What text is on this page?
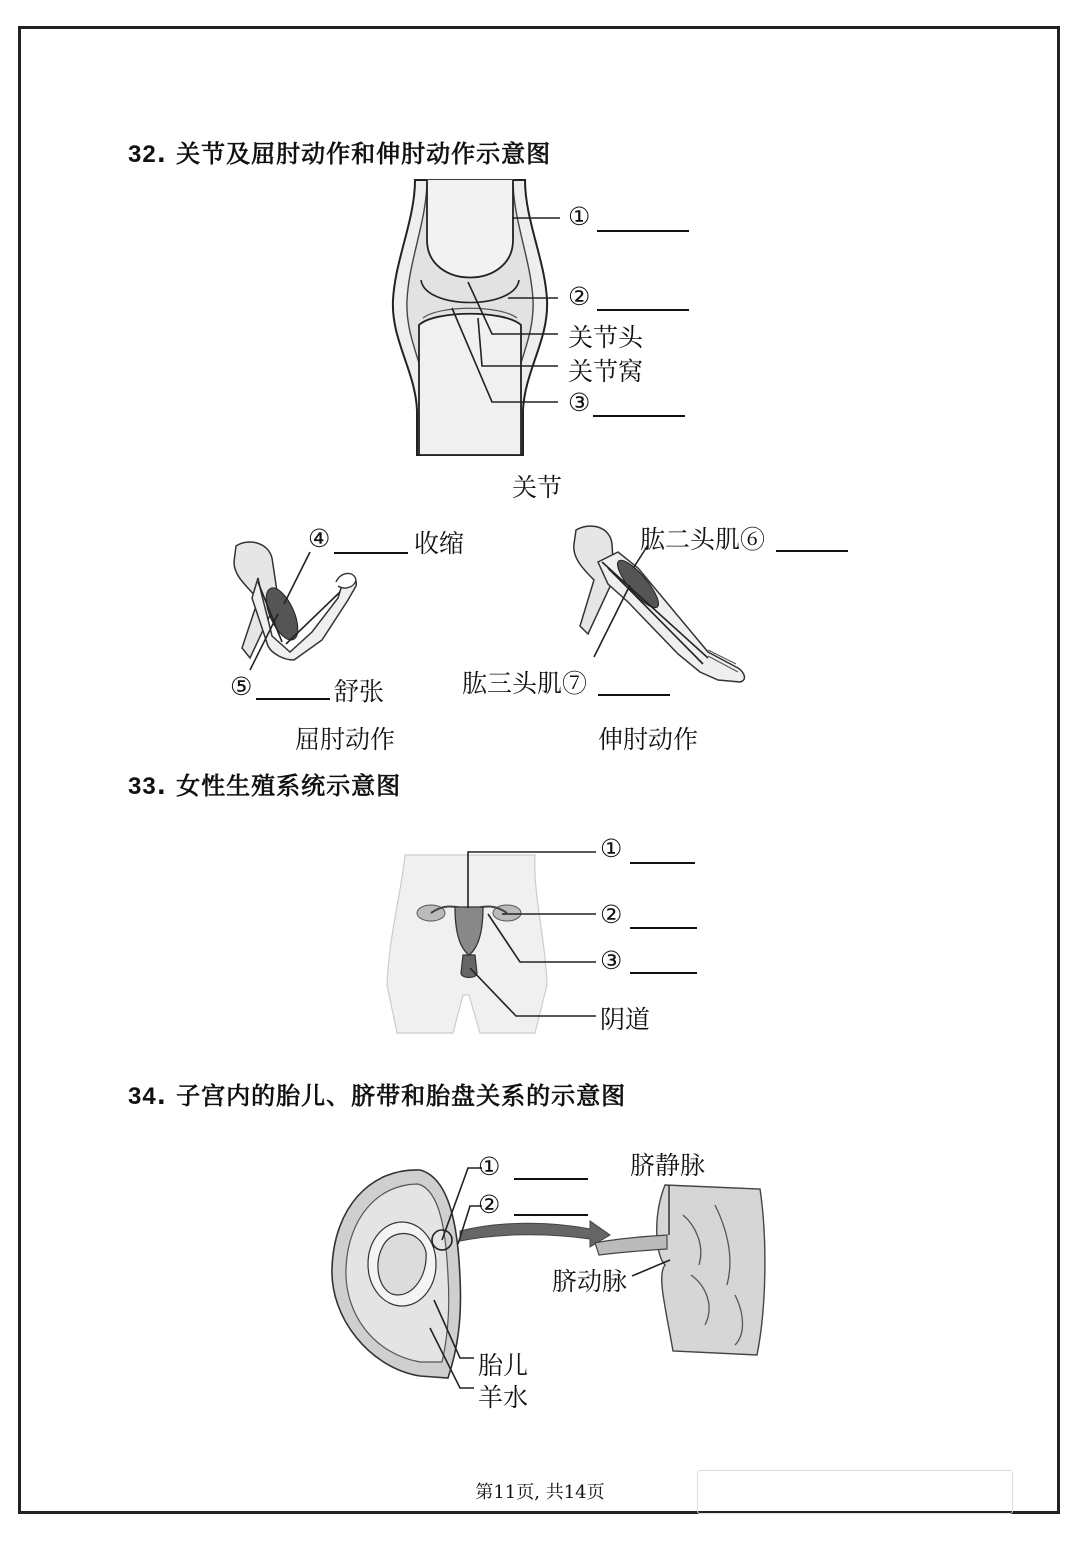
32. 关节及屈肘动作和伸肘动作示意图
①
②
关节头
关节窝
③
关节
④	收缩
⑤	舒张
屈肘动作
肱二头肌⑥
肱三头肌⑦
伸肘动作
33. 女性生殖系统示意图
①
②
③
阴道
34. 子宫内的胎儿、脐带和胎盘关系的示意图
①
②
脐静脉
脐动脉
胎儿
羊水
第11页, 共14页
